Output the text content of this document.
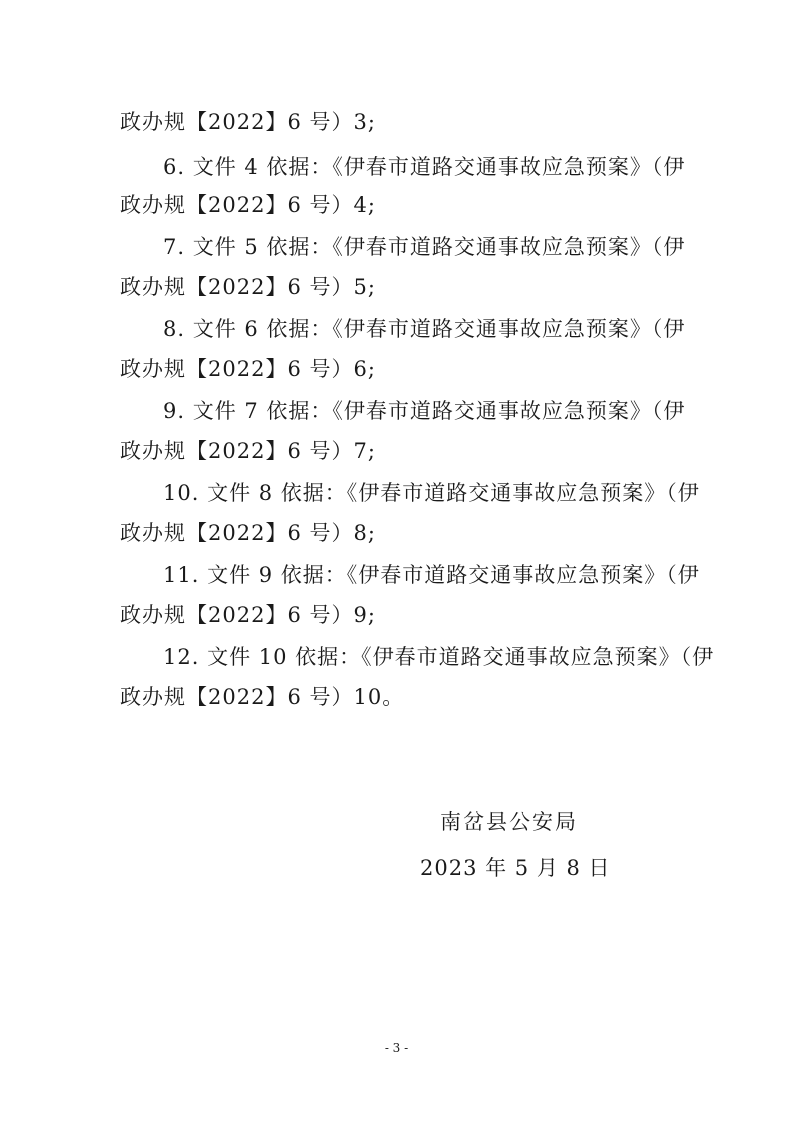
政办规【2022】6 号）3;
6. 文件 4 依据：《伊春市道路交通事故应急预案》（伊
政办规【2022】6 号）4;
7. 文件 5 依据：《伊春市道路交通事故应急预案》（伊
政办规【2022】6 号）5;
8. 文件 6 依据：《伊春市道路交通事故应急预案》（伊
政办规【2022】6 号）6;
9. 文件 7 依据：《伊春市道路交通事故应急预案》（伊
政办规【2022】6 号）7;
10. 文件 8 依据：《伊春市道路交通事故应急预案》（伊
政办规【2022】6 号）8;
11. 文件 9 依据：《伊春市道路交通事故应急预案》（伊
政办规【2022】6 号）9;
12. 文件 10 依据：《伊春市道路交通事故应急预案》（伊
政办规【2022】6 号）10。
南岔县公安局
2023 年 5 月 8 日
- 3 -
